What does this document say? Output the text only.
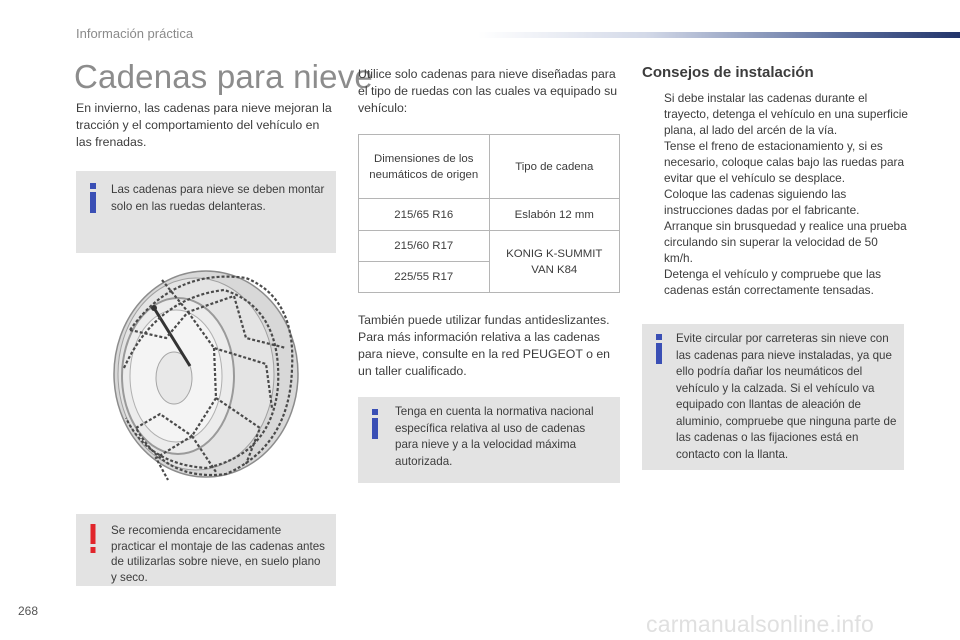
Información práctica
Cadenas para nieve

En invierno, las cadenas para nieve mejoran la tracción y el comportamiento del vehículo en las frenadas.

Las cadenas para nieve se deben montar solo en las ruedas delanteras.
Se recomienda encarecidamente practicar el montaje de las cadenas antes de utilizarlas sobre nieve, en suelo plano y seco.

Utilice solo cadenas para nieve diseñadas para el tipo de ruedas con las cuales va equipado su vehículo:

Dimensiones de los neumáticos de origen	Tipo de cadena
215/65 R16	Eslabón 12 mm
215/60 R17	KONIG K-SUMMIT VAN K84
225/55 R17	

También puede utilizar fundas antideslizantes. Para más información relativa a las cadenas para nieve, consulte en la red PEUGEOT o en un taller cualificado.

Tenga en cuenta la normativa nacional específica relativa al uso de cadenas para nieve y a la velocidad máxima autorizada.
Consejos de instalación
Si debe instalar las cadenas durante el trayecto, detenga el vehículo en una superficie plana, al lado del arcén de la vía.
Tense el freno de estacionamiento y, si es necesario, coloque calas bajo las ruedas para evitar que el vehículo se desplace.
Coloque las cadenas siguiendo las instrucciones dadas por el fabricante.
Arranque sin brusquedad y realice una prueba circulando sin superar la velocidad de 50 km/h.
Detenga el vehículo y compruebe que las cadenas están correctamente tensadas.
Evite circular por carreteras sin nieve con las cadenas para nieve instaladas, ya que ello podría dañar los neumáticos del vehículo y la calzada. Si el vehículo va equipado con llantas de aleación de aluminio, compruebe que ninguna parte de las cadenas o las fijaciones está en contacto con la llanta.
268	carmanualsonline.info
